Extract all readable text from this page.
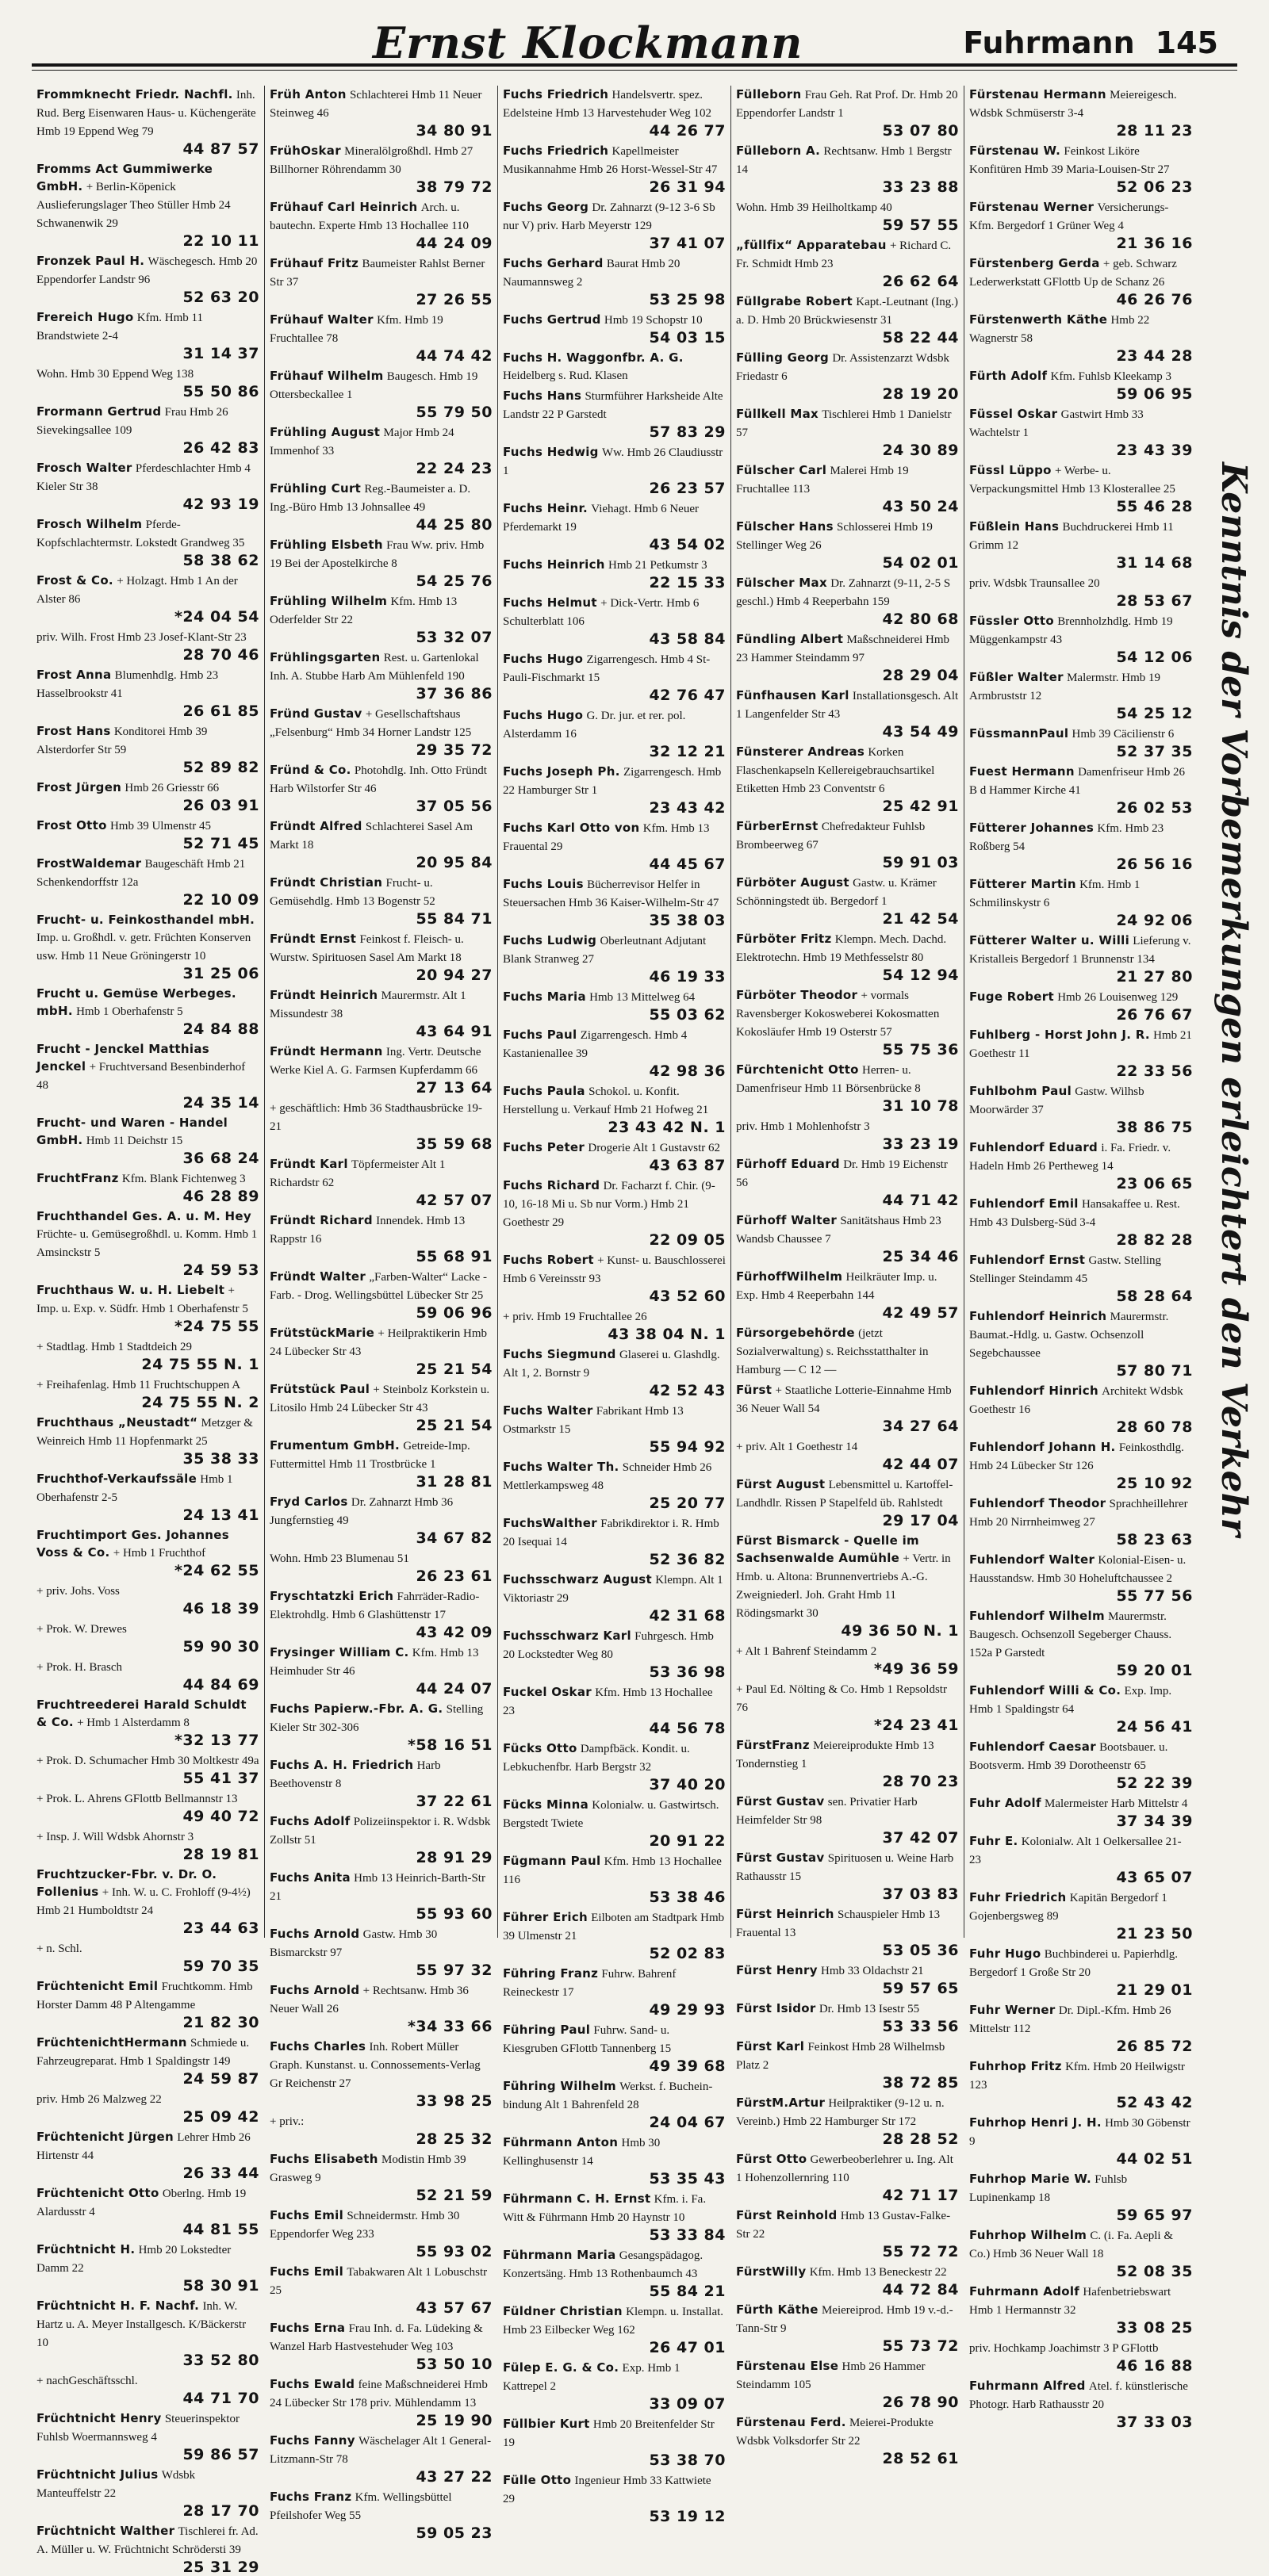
Ernst Klockmann	Fuhrmann 145
Frommknecht Friedr. Nachfl. Inh. Rud. Berg Eisenwaren Haus- u. Küchengeräte Hmb 19 Eppend Weg 79
44 87 57
Fromms Act Gummiwerke GmbH. + Berlin-Köpenick Auslieferungslager Theo Stüller Hmb 24 Schwanenwik 29
22 10 11
Fronzek Paul H. Wäschegesch. Hmb 20 Eppendorfer Landstr 96
52 63 20
Frereich Hugo Kfm. Hmb 11 Brandstwiete 2-4
31 14 37
Wohn. Hmb 30 Eppend Weg 138
55 50 86
Frormann Gertrud Frau Hmb 26 Sievekingsallee 109
26 42 83
Frosch Walter Pferdeschlachter Hmb 4 Kieler Str 38
42 93 19
Frosch Wilhelm Pferde-Kopfschlachtermstr. Lokstedt Grandweg 35
58 38 62
Frost & Co. + Holzagt. Hmb 1 An der Alster 86
*24 04 54
priv. Wilh. Frost Hmb 23 Josef-Klant-Str 23
28 70 46
Frost Anna Blumenhdlg. Hmb 23 Hasselbrookstr 41
26 61 85
Frost Hans Konditorei Hmb 39 Alsterdorfer Str 59
52 89 82
Frost Jürgen Hmb 26 Griesstr 66
26 03 91
Frost Otto Hmb 39 Ulmenstr 45
52 71 45
FrostWaldemar Baugeschäft Hmb 21 Schenkendorffstr 12a
22 10 09
Frucht- u. Feinkosthandel mbH. Imp. u. Großhdl. v. getr. Früchten Konserven usw. Hmb 11 Neue Gröningerstr 10
31 25 06
Frucht u. Gemüse Werbeges. mbH. Hmb 1 Oberhafenstr 5
24 84 88
Frucht - Jenckel Matthias Jenckel + Fruchtversand Besenbinderhof 48
24 35 14
Frucht- und Waren - Handel GmbH. Hmb 11 Deichstr 15
36 68 24
FruchtFranz Kfm. Blank Fichtenweg 3
46 28 89
Fruchthandel Ges. A. u. M. Hey Früchte- u. Gemüsegroßhdl. u. Komm. Hmb 1 Amsinckstr 5
24 59 53
Fruchthaus W. u. H. Liebelt + Imp. u. Exp. v. Südfr. Hmb 1 Oberhafenstr 5
*24 75 55
+ Stadtlag. Hmb 1 Stadtdeich 29
24 75 55 N. 1
+ Freihafenlag. Hmb 11 Fruchtschuppen A
24 75 55 N. 2
Fruchthaus „Neustadt“ Metzger & Weinreich Hmb 11 Hopfenmarkt 25
35 38 33
Fruchthof-Verkaufssäle Hmb 1 Oberhafenstr 2-5
24 13 41
Fruchtimport Ges. Johannes Voss & Co. + Hmb 1 Fruchthof
*24 62 55
+ priv. Johs. Voss
46 18 39
+ Prok. W. Drewes
59 90 30
+ Prok. H. Brasch
44 84 69
Fruchtreederei Harald Schuldt & Co. + Hmb 1 Alsterdamm 8
*32 13 77
+ Prok. D. Schumacher Hmb 30 Moltkestr 49a
55 41 37
+ Prok. L. Ahrens GFlottb Bellmannstr 13
49 40 72
+ Insp. J. Will Wdsbk Ahornstr 3
28 19 81
Fruchtzucker-Fbr. v. Dr. O. Follenius + Inh. W. u. C. Frohloff (9-4½) Hmb 21 Humboldtstr 24
23 44 63
+ n. Schl.
59 70 35
Früchtenicht Emil Fruchtkomm. Hmb Horster Damm 48 P Altengamme
21 82 30
FrüchtenichtHermann Schmiede u. Fahrzeugreparat. Hmb 1 Spaldingstr 149
24 59 87
priv. Hmb 26 Malzweg 22
25 09 42
Früchtenicht Jürgen Lehrer Hmb 26 Hirtenstr 44
26 33 44
Früchtenicht Otto Oberlng. Hmb 19 Alardusstr 4
44 81 55
Früchtnicht H. Hmb 20 Lokstedter Damm 22
58 30 91
Früchtnicht H. F. Nachf. Inh. W. Hartz u. A. Meyer Installgesch. K/Bäckerstr 10
33 52 80
+ nachGeschäftsschl.
44 71 70
Früchtnicht Henry Steuerinspektor Fuhlsb Woermannsweg 4
59 86 57
Früchtnicht Julius Wdsbk Manteuffelstr 22
28 17 70
Früchtnicht Walther Tischlerei fr. Ad. A. Müller u. W. Früchtnicht Schrödersti 39
25 31 29
Früh Anton Schlachterei Hmb 11 Neuer Steinweg 46
34 80 91
FrühOskar Mineralölgroßhdl. Hmb 27 Billhorner Röhrendamm 30
38 79 72
Frühauf Carl Heinrich Arch. u. bautechn. Experte Hmb 13 Hochallee 110
44 24 09
Frühauf Fritz Baumeister Rahlst Berner Str 37
27 26 55
Frühauf Walter Kfm. Hmb 19 Fruchtallee 78
44 74 42
Frühauf Wilhelm Baugesch. Hmb 19 Ottersbeckallee 1
55 79 50
Frühling August Major Hmb 24 Immenhof 33
22 24 23
Frühling Curt Reg.-Baumeister a. D. Ing.-Büro Hmb 13 Johnsallee 49
44 25 80
Frühling Elsbeth Frau Ww. priv. Hmb 19 Bei der Apostelkirche 8
54 25 76
Frühling Wilhelm Kfm. Hmb 13 Oderfelder Str 22
53 32 07
Frühlingsgarten Rest. u. Gartenlokal Inh. A. Stubbe Harb Am Mühlenfeld 190
37 36 86
Fründ Gustav + Gesellschaftshaus „Felsenburg“ Hmb 34 Horner Landstr 125
29 35 72
Fründ & Co. Photohdlg. Inh. Otto Fründt Harb Wilstorfer Str 46
37 05 56
Fründt Alfred Schlachterei Sasel Am Markt 18
20 95 84
Fründt Christian Frucht- u. Gemüsehdlg. Hmb 13 Bogenstr 52
55 84 71
Fründt Ernst Feinkost f. Fleisch- u. Wurstw. Spirituosen Sasel Am Markt 18
20 94 27
Fründt Heinrich Maurermstr. Alt 1 Missundestr 38
43 64 91
Fründt Hermann Ing. Vertr. Deutsche Werke Kiel A. G. Farmsen Kupferdamm 66
27 13 64
+ geschäftlich: Hmb 36 Stadthausbrücke 19-21
35 59 68
Fründt Karl Töpfermeister Alt 1 Richardstr 62
42 57 07
Fründt Richard Innendek. Hmb 13 Rappstr 16
55 68 91
Fründt Walter „Farben-Walter“ Lacke - Farb. - Drog. Wellingsbüttel Lübecker Str 25
59 06 96
FrütstückMarie + Heilpraktikerin Hmb 24 Lübecker Str 43
25 21 54
Frütstück Paul + Steinbolz Korkstein u. Litosilo Hmb 24 Lübecker Str 43
25 21 54
Frumentum GmbH. Getreide-Imp. Futtermittel Hmb 11 Trostbrücke 1
31 28 81
Fryd Carlos Dr. Zahnarzt Hmb 36 Jungfernstieg 49
34 67 82
Wohn. Hmb 23 Blumenau 51
26 23 61
Fryschtatzki Erich Fahrräder-Radio-Elektrohdlg. Hmb 6 Glashüttenstr 17
43 42 09
Frysinger William C. Kfm. Hmb 13 Heimhuder Str 46
44 24 07
Fuchs Papierw.-Fbr. A. G. Stelling Kieler Str 302-306
*58 16 51
Fuchs A. H. Friedrich Harb Beethovenstr 8
37 22 61
Fuchs Adolf Polizeiinspektor i. R. Wdsbk Zollstr 51
28 91 29
Fuchs Anita Hmb 13 Heinrich-Barth-Str 21
55 93 60
Fuchs Arnold Gastw. Hmb 30 Bismarckstr 97
55 97 32
Fuchs Arnold + Rechtsanw. Hmb 36 Neuer Wall 26
*34 33 66
Fuchs Charles Inh. Robert Müller Graph. Kunstanst. u. Connossements-Verlag Gr Reichenstr 27
33 98 25
+ priv.:
28 25 32
Fuchs Elisabeth Modistin Hmb 39 Grasweg 9
52 21 59
Fuchs Emil Schneidermstr. Hmb 30 Eppendorfer Weg 233
55 93 02
Fuchs Emil Tabakwaren Alt 1 Lobuschstr 25
43 57 67
Fuchs Erna Frau Inh. d. Fa. Lüdeking & Wanzel Harb Hastvestehuder Weg 103
53 50 10
Fuchs Ewald feine Maßschneiderei Hmb 24 Lübecker Str 178 priv. Mühlendamm 13
25 19 90
Fuchs Fanny Wäschelager Alt 1 General-Litzmann-Str 78
43 27 22
Fuchs Franz Kfm. Wellingsbüttel Pfeilshofer Weg 55
59 05 23
Fuchs Friedrich Handelsvertr. spez. Edelsteine Hmb 13 Harvestehuder Weg 102
44 26 77
Fuchs Friedrich Kapellmeister Musikannahme Hmb 26 Horst-Wessel-Str 47
26 31 94
Fuchs Georg Dr. Zahnarzt (9-12 3-6 Sb nur V) priv. Harb Meyerstr 129
37 41 07
Fuchs Gerhard Baurat Hmb 20 Naumannsweg 2
53 25 98
Fuchs Gertrud Hmb 19 Schopstr 10
54 03 15
Fuchs H. Waggonfbr. A. G. Heidelberg s. Rud. Klasen
Fuchs Hans Sturmführer Harksheide Alte Landstr 22 P Garstedt
57 83 29
Fuchs Hedwig Ww. Hmb 26 Claudiusstr 1
26 23 57
Fuchs Heinr. Viehagt. Hmb 6 Neuer Pferdemarkt 19
43 54 02
Fuchs Heinrich Hmb 21 Petkumstr 3
22 15 33
Fuchs Helmut + Dick-Vertr. Hmb 6 Schulterblatt 106
43 58 84
Fuchs Hugo Zigarrengesch. Hmb 4 St-Pauli-Fischmarkt 15
42 76 47
Fuchs Hugo G. Dr. jur. et rer. pol. Alsterdamm 16
32 12 21
Fuchs Joseph Ph. Zigarrengesch. Hmb 22 Hamburger Str 1
23 43 42
Fuchs Karl Otto von Kfm. Hmb 13 Frauental 29
44 45 67
Fuchs Louis Bücherrevisor Helfer in Steuersachen Hmb 36 Kaiser-Wilhelm-Str 47
35 38 03
Fuchs Ludwig Oberleutnant Adjutant Blank Stranweg 27
46 19 33
Fuchs Maria Hmb 13 Mittelweg 64
55 03 62
Fuchs Paul Zigarrengesch. Hmb 4 Kastanienallee 39
42 98 36
Fuchs Paula Schokol. u. Konfit. Herstellung u. Verkauf Hmb 21 Hofweg 21
23 43 42 N. 1
Fuchs Peter Drogerie Alt 1 Gustavstr 62
43 63 87
Fuchs Richard Dr. Facharzt f. Chir. (9-10, 16-18 Mi u. Sb nur Vorm.) Hmb 21 Goethestr 29
22 09 05
Fuchs Robert + Kunst- u. Bauschlosserei Hmb 6 Vereinsstr 93
43 52 60
+ priv. Hmb 19 Fruchtallee 26
43 38 04 N. 1
Fuchs Siegmund Glaserei u. Glashdlg. Alt 1, 2. Bornstr 9
42 52 43
Fuchs Walter Fabrikant Hmb 13 Ostmarkstr 15
55 94 92
Fuchs Walter Th. Schneider Hmb 26 Mettlerkampsweg 48
25 20 77
FuchsWalther Fabrikdirektor i. R. Hmb 20 Isequai 14
52 36 82
Fuchsschwarz August Klempn. Alt 1 Viktoriastr 29
42 31 68
Fuchsschwarz Karl Fuhrgesch. Hmb 20 Lockstedter Weg 80
53 36 98
Fuckel Oskar Kfm. Hmb 13 Hochallee 23
44 56 78
Fücks Otto Dampfbäck. Kondit. u. Lebkuchenfbr. Harb Bergstr 32
37 40 20
Fücks Minna Kolonialw. u. Gastwirtsch. Bergstedt Twiete
20 91 22
Fügmann Paul Kfm. Hmb 13 Hochallee 116
53 38 46
Führer Erich Eilboten am Stadtpark Hmb 39 Ulmenstr 21
52 02 83
Führing Franz Fuhrw. Bahrenf Reineckestr 17
49 29 93
Führing Paul Fuhrw. Sand- u. Kiesgruben GFlottb Tannenberg 15
49 39 68
Führing Wilhelm Werkst. f. Bucheinbindung Alt 1 Bahrenfeld 28
24 04 67
Führmann Anton Hmb 30 Kellinghusenstr 14
53 35 43
Führmann C. H. Ernst Kfm. i. Fa. Witt & Führmann Hmb 20 Haynstr 10
53 33 84
Führmann Maria Gesangspädagog. Konzertsäng. Hmb 13 Rothenbaumch 43
55 84 21
Füldner Christian Klempn. u. Installat. Hmb 23 Eilbecker Weg 162
26 47 01
Fülep E. G. & Co. Exp. Hmb 1 Kattrepel 2
33 09 07
Füllbier Kurt Hmb 20 Breitenfelder Str 19
53 38 70
Fülle Otto Ingenieur Hmb 33 Kattwiete 29
53 19 12
Fülleborn Frau Geh. Rat Prof. Dr. Hmb 20 Eppendorfer Landstr 1
53 07 80
Fülleborn A. Rechtsanw. Hmb 1 Bergstr 14
33 23 88
Wohn. Hmb 39 Heilholtkamp 40
59 57 55
„füllfix“ Apparatebau + Richard C. Fr. Schmidt Hmb 23
26 62 64
Füllgrabe Robert Kapt.-Leutnant (Ing.) a. D. Hmb 20 Brückwiesenstr 31
58 22 44
Fülling Georg Dr. Assistenzarzt Wdsbk Friedastr 6
28 19 20
Füllkell Max Tischlerei Hmb 1 Danielstr 57
24 30 89
Fülscher Carl Malerei Hmb 19 Fruchtallee 113
43 50 24
Fülscher Hans Schlosserei Hmb 19 Stellinger Weg 26
54 02 01
Fülscher Max Dr. Zahnarzt (9-11, 2-5 S geschl.) Hmb 4 Reeperbahn 159
42 80 68
Fündling Albert Maßschneiderei Hmb 23 Hammer Steindamm 97
28 29 04
Fünfhausen Karl Installationsgesch. Alt 1 Langenfelder Str 43
43 54 49
Fünsterer Andreas Korken Flaschenkapseln Kellereigebrauchsartikel Etiketten Hmb 23 Conventstr 6
25 42 91
FürberErnst Chefredakteur Fuhlsb Brombeerweg 67
59 91 03
Fürböter August Gastw. u. Krämer Schönningstedt üb. Bergedorf 1
21 42 54
Fürböter Fritz Klempn. Mech. Dachd. Elektrotechn. Hmb 19 Methfesselstr 80
54 12 94
Fürböter Theodor + vormals Ravensberger Kokosweberei Kokosmatten Kokosläufer Hmb 19 Osterstr 57
55 75 36
Fürchtenicht Otto Herren- u. Damenfriseur Hmb 11 Börsenbrücke 8
31 10 78
priv. Hmb 1 Mohlenhofstr 3
33 23 19
Fürhoff Eduard Dr. Hmb 19 Eichenstr 56
44 71 42
Fürhoff Walter Sanitätshaus Hmb 23 Wandsb Chaussee 7
25 34 46
FürhoffWilhelm Heilkräuter Imp. u. Exp. Hmb 4 Reeperbahn 144
42 49 57
Fürsorgebehörde (jetzt Sozialverwaltung) s. Reichsstatthalter in Hamburg — C 12 —
Fürst + Staatliche Lotterie-Einnahme Hmb 36 Neuer Wall 54
34 27 64
+ priv. Alt 1 Goethestr 14
42 44 07
Fürst August Lebensmittel u. Kartoffel-Landhdlr. Rissen P Stapelfeld üb. Rahlstedt
29 17 04
Fürst Bismarck - Quelle im Sachsenwalde Aumühle + Vertr. in Hmb. u. Altona: Brunnenvertriebs A.-G. Zweigniederl. Joh. Graht Hmb 11 Rödingsmarkt 30
49 36 50 N. 1
+ Alt 1 Bahrenf Steindamm 2
*49 36 59
+ Paul Ed. Nölting & Co. Hmb 1 Repsoldstr 76
*24 23 41
FürstFranz Meiereiprodukte Hmb 13 Tondernstieg 1
28 70 23
Fürst Gustav sen. Privatier Harb Heimfelder Str 98
37 42 07
Fürst Gustav Spirituosen u. Weine Harb Rathausstr 15
37 03 83
Fürst Heinrich Schauspieler Hmb 13 Frauental 13
53 05 36
Fürst Henry Hmb 33 Oldachstr 21
59 57 65
Fürst Isidor Dr. Hmb 13 Isestr 55
53 33 56
Fürst Karl Feinkost Hmb 28 Wilhelmsb Platz 2
38 72 85
FürstM.Artur Heilpraktiker (9-12 u. n. Vereinb.) Hmb 22 Hamburger Str 172
28 28 52
Fürst Otto Gewerbeoberlehrer u. Ing. Alt 1 Hohenzollernring 110
42 71 17
Fürst Reinhold Hmb 13 Gustav-Falke-Str 22
55 72 72
FürstWilly Kfm. Hmb 13 Beneckestr 22
44 72 84
Fürth Käthe Meiereiprod. Hmb 19 v.-d.-Tann-Str 9
55 73 72
Fürstenau Else Hmb 26 Hammer Steindamm 105
26 78 90
Fürstenau Ferd. Meierei-Produkte Wdsbk Volksdorfer Str 22
28 52 61
Fürstenau Hermann Meiereigesch. Wdsbk Schmüserstr 3-4
28 11 23
Fürstenau W. Feinkost Liköre Konfitüren Hmb 39 Maria-Louisen-Str 27
52 06 23
Fürstenau Werner Versicherungs-Kfm. Bergedorf 1 Grüner Weg 4
21 36 16
Fürstenberg Gerda + geb. Schwarz Lederwerkstatt GFlottb Up de Schanz 26
46 26 76
Fürstenwerth Käthe Hmb 22 Wagnerstr 58
23 44 28
Fürth Adolf Kfm. Fuhlsb Kleekamp 3
59 06 95
Füssel Oskar Gastwirt Hmb 33 Wachtelstr 1
23 43 39
Füssl Lüppo + Werbe- u. Verpackungsmittel Hmb 13 Klosterallee 25
55 46 28
Füßlein Hans Buchdruckerei Hmb 11 Grimm 12
31 14 68
priv. Wdsbk Traunsallee 20
28 53 67
Füssler Otto Brennholzhdlg. Hmb 19 Müggenkampstr 43
54 12 06
Füßler Walter Malermstr. Hmb 19 Armbruststr 12
54 25 12
FüssmannPaul Hmb 39 Cäcilienstr 6
52 37 35
Fuest Hermann Damenfriseur Hmb 26 B d Hammer Kirche 41
26 02 53
Fütterer Johannes Kfm. Hmb 23 Roßberg 54
26 56 16
Fütterer Martin Kfm. Hmb 1 Schmilinskystr 6
24 92 06
Fütterer Walter u. Willi Lieferung v. Kristalleis Bergedorf 1 Brunnenstr 134
21 27 80
Fuge Robert Hmb 26 Louisenweg 129
26 76 67
Fuhlberg - Horst John J. R. Hmb 21 Goethestr 11
22 33 56
Fuhlbohm Paul Gastw. Wilhsb Moorwärder 37
38 86 75
Fuhlendorf Eduard i. Fa. Friedr. v. Hadeln Hmb 26 Pertheweg 14
23 06 65
Fuhlendorf Emil Hansakaffee u. Rest. Hmb 43 Dulsberg-Süd 3-4
28 82 28
Fuhlendorf Ernst Gastw. Stelling Stellinger Steindamm 45
58 28 64
Fuhlendorf Heinrich Maurermstr. Baumat.-Hdlg. u. Gastw. Ochsenzoll Segebchaussee
57 80 71
Fuhlendorf Hinrich Architekt Wdsbk Goethestr 16
28 60 78
Fuhlendorf Johann H. Feinkosthdlg. Hmb 24 Lübecker Str 126
25 10 92
Fuhlendorf Theodor Sprachheillehrer Hmb 20 Nirrnheimweg 27
58 23 63
Fuhlendorf Walter Kolonial-Eisen- u. Hausstandsw. Hmb 30 Hoheluftchaussee 2
55 77 56
Fuhlendorf Wilhelm Maurermstr. Baugesch. Ochsenzoll Segeberger Chauss. 152a P Garstedt
59 20 01
Fuhlendorf Willi & Co. Exp. Imp. Hmb 1 Spaldingstr 64
24 56 41
Fuhlendorf Caesar Bootsbauer. u. Bootsverm. Hmb 39 Dorotheenstr 65
52 22 39
Fuhr Adolf Malermeister Harb Mittelstr 4
37 34 39
Fuhr E. Kolonialw. Alt 1 Oelkersallee 21-23
43 65 07
Fuhr Friedrich Kapitän Bergedorf 1 Gojenbergsweg 89
21 23 50
Fuhr Hugo Buchbinderei u. Papierhdlg. Bergedorf 1 Große Str 20
21 29 01
Fuhr Werner Dr. Dipl.-Kfm. Hmb 26 Mittelstr 112
26 85 72
Fuhrhop Fritz Kfm. Hmb 20 Heilwigstr 123
52 43 42
Fuhrhop Henri J. H. Hmb 30 Göbenstr 9
44 02 51
Fuhrhop Marie W. Fuhlsb Lupinenkamp 18
59 65 97
Fuhrhop Wilhelm C. (i. Fa. Aepli & Co.) Hmb 36 Neuer Wall 18
52 08 35
Fuhrmann Adolf Hafenbetriebswart Hmb 1 Hermannstr 32
33 08 25
priv. Hochkamp Joachimstr 3 P GFlottb
46 16 88
Fuhrmann Alfred Atel. f. künstlerische Photogr. Harb Rathausstr 20
37 33 03
Kenntnis der Vorbemerkungen erleichtert den Verkehr
